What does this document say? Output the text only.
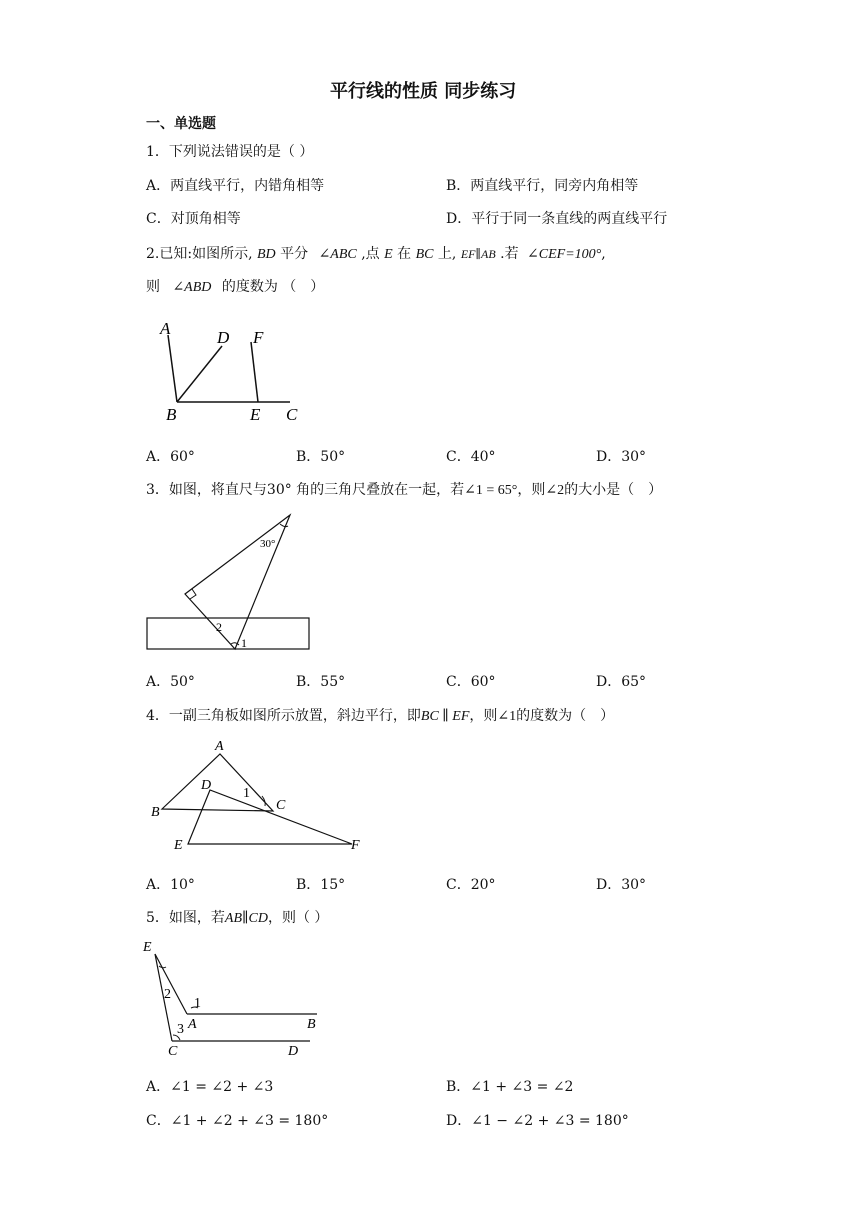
平行线的性质 同步练习
一、单选题
1．下列说法错误的是（ ）
A．两直线平行，内错角相等	B．两直线平行，同旁内角相等
C．对顶角相等	D．平行于同一条直线的两直线平行
2.已知:如图所示, BD 平分 ∠ABC ,点 E 在 BC 上, EF∥AB .若 ∠CEF=100°,
则 ∠ABD 的度数为 （　）
A	D F
B	E C
A．60°	B．50°	C．40°	D．30°
3．如图，将直尺与30° 角的三角尺叠放在一起，若∠1 = 65°，则∠2的大小是（　）
30°
2
1
A．50°	B．55°	C．60°	D．65°
4．一副三角板如图所示放置，斜边平行，即BC ∥ EF，则∠1的度数为（　）
A
D
1
B	C
E	F
A．10°	B．15°	C．20°	D．30°
5．如图，若AB∥CD，则（ ）
E
2
1
A	B
3
C	D
A．∠1 = ∠2 + ∠3	B．∠1 + ∠3 = ∠2
C．∠1 + ∠2 + ∠3 = 180°	D．∠1 − ∠2 + ∠3 = 180°
